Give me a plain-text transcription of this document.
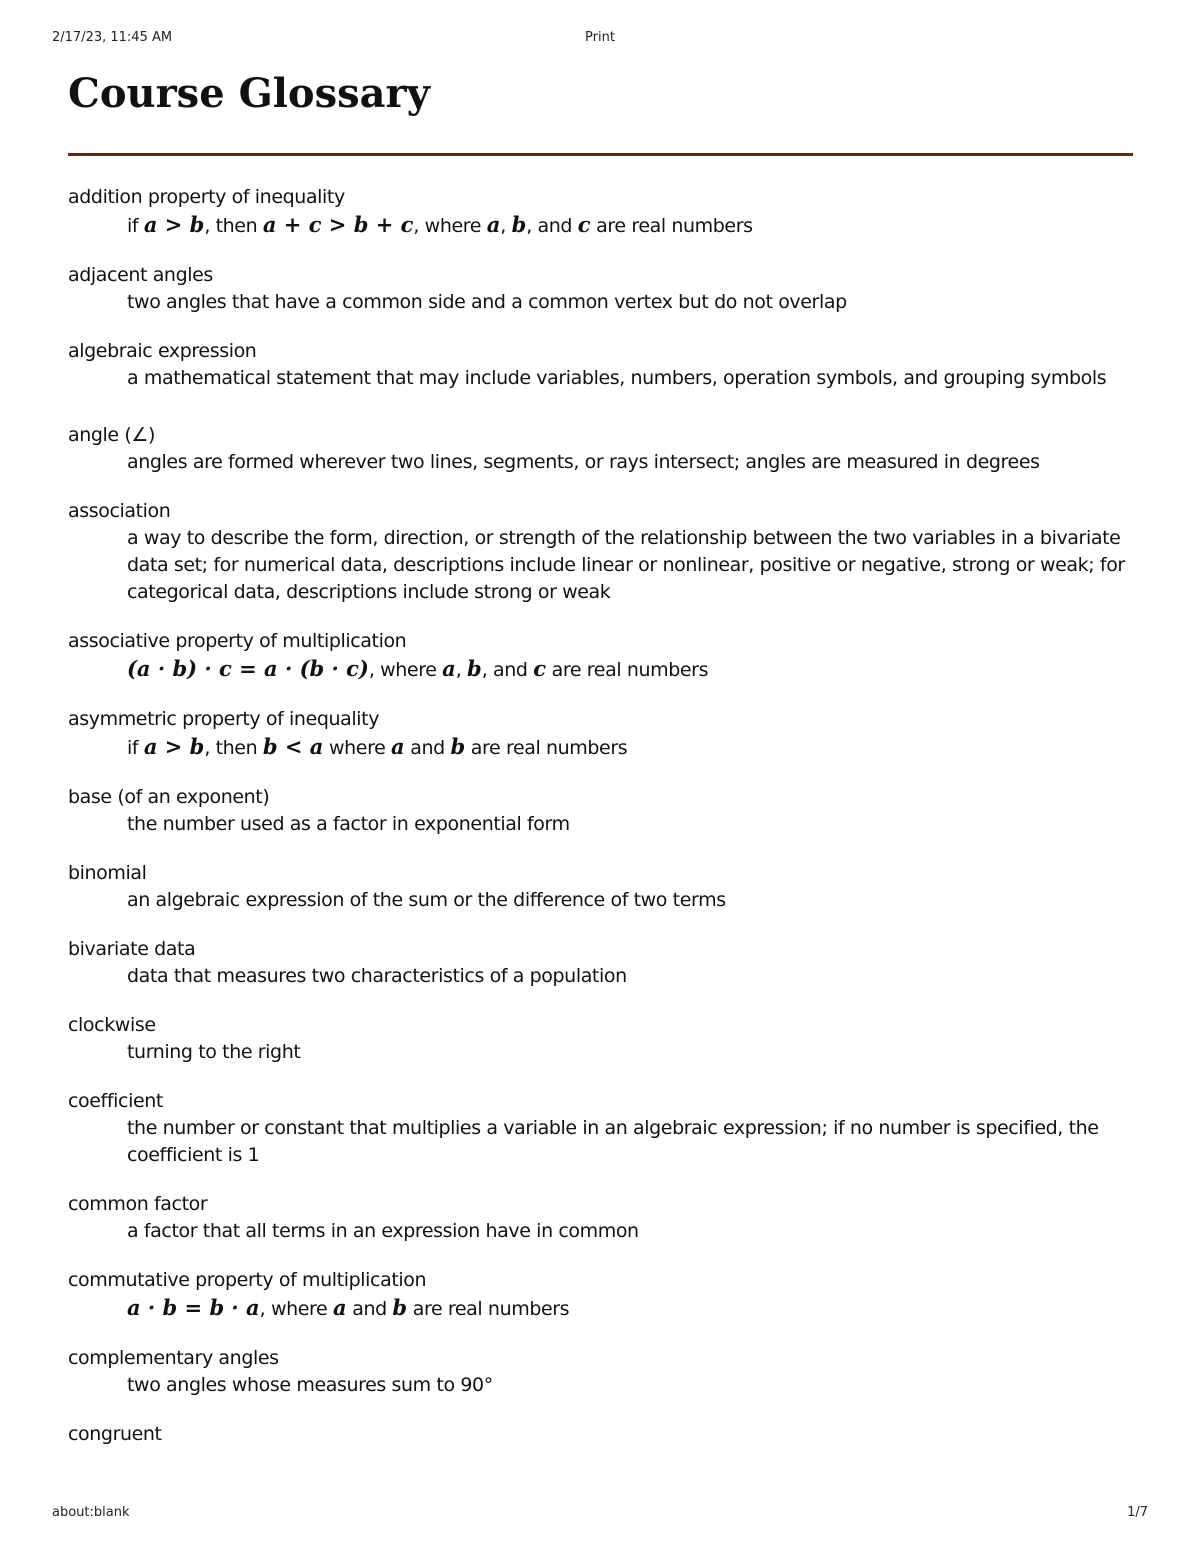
2/17/23, 11:45 AM	Print
Course Glossary
addition property of inequality
if a > b, then a + c > b + c, where a, b, and c are real numbers
adjacent angles
two angles that have a common side and a common vertex but do not overlap
algebraic expression
a mathematical statement that may include variables, numbers, operation symbols, and grouping symbols
angle (∠)
angles are formed wherever two lines, segments, or rays intersect; angles are measured in degrees
association
a way to describe the form, direction, or strength of the relationship between the two variables in a bivariate data set; for numerical data, descriptions include linear or nonlinear, positive or negative, strong or weak; for categorical data, descriptions include strong or weak
associative property of multiplication
(a · b) · c = a · (b · c), where a, b, and c are real numbers
asymmetric property of inequality
if a > b, then b < a where a and b are real numbers
base (of an exponent)
the number used as a factor in exponential form
binomial
an algebraic expression of the sum or the difference of two terms
bivariate data
data that measures two characteristics of a population
clockwise
turning to the right
coefficient
the number or constant that multiplies a variable in an algebraic expression; if no number is specified, the coefficient is 1
common factor
a factor that all terms in an expression have in common
commutative property of multiplication
a · b = b · a, where a and b are real numbers
complementary angles
two angles whose measures sum to 90°
congruent
about:blank	1/7
